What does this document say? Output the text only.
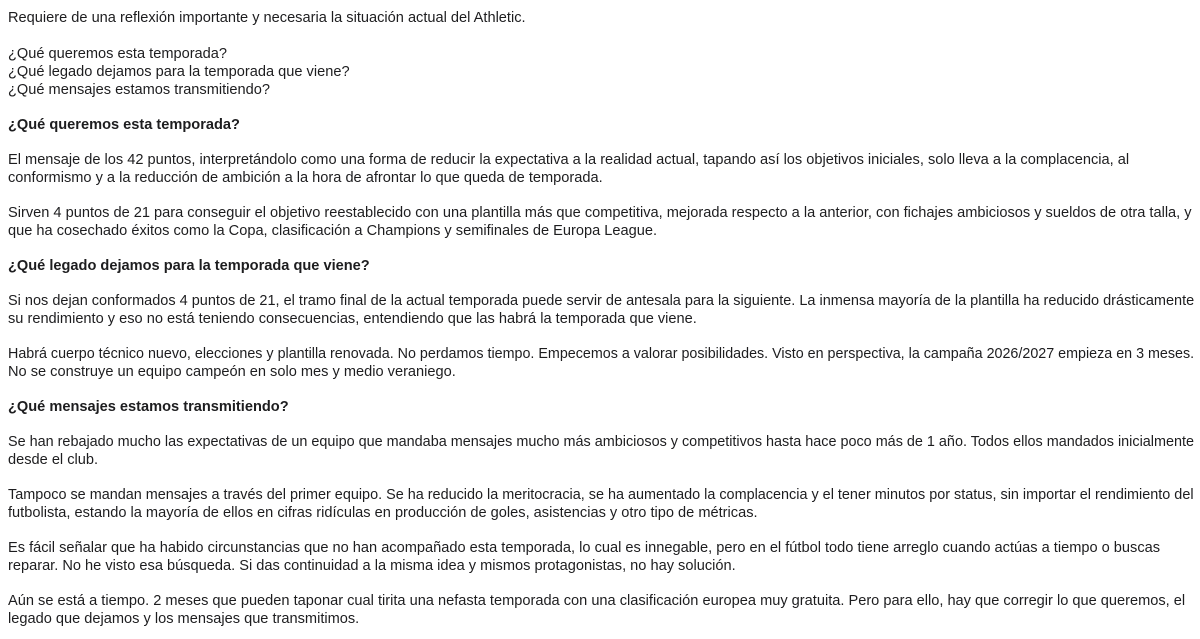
Requiere de una reflexión importante y necesaria la situación actual del Athletic.
¿Qué queremos esta temporada?
¿Qué legado dejamos para la temporada que viene?
¿Qué mensajes estamos transmitiendo?
¿Qué queremos esta temporada?
El mensaje de los 42 puntos, interpretándolo como una forma de reducir la expectativa a la realidad actual, tapando así los objetivos iniciales, solo lleva a la complacencia, al
conformismo y a la reducción de ambición a la hora de afrontar lo que queda de temporada.
Sirven 4 puntos de 21 para conseguir el objetivo reestablecido con una plantilla más que competitiva, mejorada respecto a la anterior, con fichajes ambiciosos y sueldos de otra talla, y
que ha cosechado éxitos como la Copa, clasificación a Champions y semifinales de Europa League.
¿Qué legado dejamos para la temporada que viene?
Si nos dejan conformados 4 puntos de 21, el tramo final de la actual temporada puede servir de antesala para la siguiente. La inmensa mayoría de la plantilla ha reducido drásticamente
su rendimiento y eso no está teniendo consecuencias, entendiendo que las habrá la temporada que viene.
Habrá cuerpo técnico nuevo, elecciones y plantilla renovada. No perdamos tiempo. Empecemos a valorar posibilidades. Visto en perspectiva, la campaña 2026/2027 empieza en 3 meses.
No se construye un equipo campeón en solo mes y medio veraniego.
¿Qué mensajes estamos transmitiendo?
Se han rebajado mucho las expectativas de un equipo que mandaba mensajes mucho más ambiciosos y competitivos hasta hace poco más de 1 año. Todos ellos mandados inicialmente
desde el club.
Tampoco se mandan mensajes a través del primer equipo. Se ha reducido la meritocracia, se ha aumentado la complacencia y el tener minutos por status, sin importar el rendimiento del
futbolista, estando la mayoría de ellos en cifras ridículas en producción de goles, asistencias y otro tipo de métricas.
Es fácil señalar que ha habido circunstancias que no han acompañado esta temporada, lo cual es innegable, pero en el fútbol todo tiene arreglo cuando actúas a tiempo o buscas
reparar. No he visto esa búsqueda. Si das continuidad a la misma idea y mismos protagonistas, no hay solución.
Aún se está a tiempo. 2 meses que pueden taponar cual tirita una nefasta temporada con una clasificación europea muy gratuita. Pero para ello, hay que corregir lo que queremos, el
legado que dejamos y los mensajes que transmitimos.
